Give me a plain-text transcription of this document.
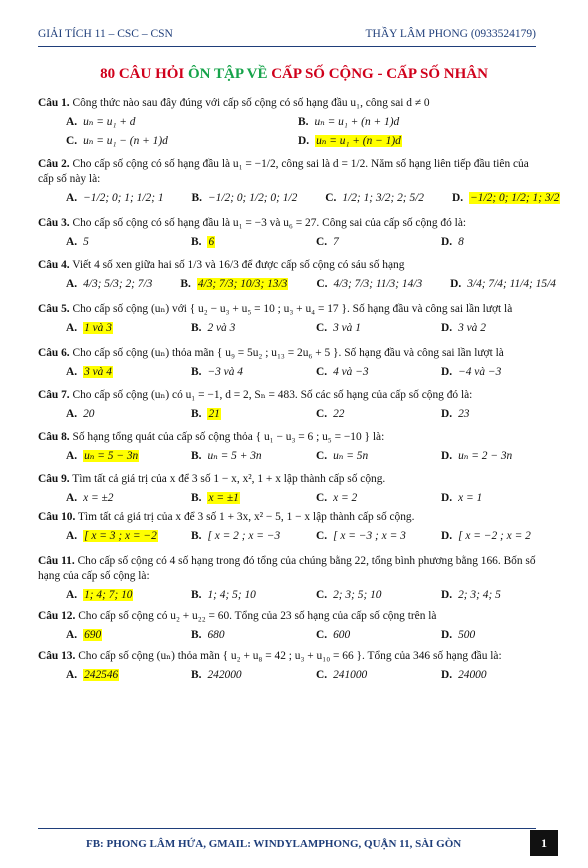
GIẢI TÍCH 11 – CSC – CSN	THẦY LÂM PHONG (0933524179)
80 CÂU HỎI ÔN TẬP VỀ CẤP SỐ CỘNG - CẤP SỐ NHÂN
Câu 1. Công thức nào sau đây đúng với cấp số cộng có số hạng đầu u₁, công sai d ≠ 0
A. uₙ = u₁ + d	B. uₙ = u₁ + (n + 1)d
C. uₙ = u₁ − (n + 1)d	D. uₙ = u₁ + (n − 1)d
Câu 2. Cho cấp số cộng có số hạng đầu là u₁ = −1/2, công sai là d = 1/2. Năm số hạng liên tiếp đầu tiên của cấp số này là:
A. −1/2; 0; 1; 1/2; 1	B. −1/2; 0; 1/2; 0; 1/2	C. 1/2; 1; 3/2; 2; 5/2	D. −1/2; 0; 1/2; 1; 3/2
Câu 3. Cho cấp số cộng có số hạng đầu là u₁ = −3 và u₆ = 27. Công sai của cấp số cộng đó là:
A. 5	B. 6	C. 7	D. 8
Câu 4. Viết 4 số xen giữa hai số 1/3 và 16/3 để được cấp số cộng có sáu số hạng
A. 4/3; 5/3; 2; 7/3	B. 4/3; 7/3; 10/3; 13/3	C. 4/3; 7/3; 11/3; 14/3	D. 3/4; 7/4; 11/4; 15/4
Câu 5. Cho cấp số cộng (uₙ) với { u₂ − u₃ + u₅ = 10 ; u₃ + u₄ = 17 }. Số hạng đầu và công sai lần lượt là
A. 1 và 3	B. 2 và 3	C. 3 và 1	D. 3 và 2
Câu 6. Cho cấp số cộng (uₙ) thỏa mãn { u₉ = 5u₂ ; u₁₃ = 2u₆ + 5 }. Số hạng đầu và công sai lần lượt là
A. 3 và 4	B. −3 và 4	C. 4 và −3	D. −4 và −3
Câu 7. Cho cấp số cộng (uₙ) có u₁ = −1, d = 2, Sₙ = 483. Số các số hạng của cấp số cộng đó là:
A. 20	B. 21	C. 22	D. 23
Câu 8. Số hạng tổng quát của cấp số cộng thỏa { u₁ − u₃ = 6 ; u₅ = −10 } là:
A. uₙ = 5 − 3n	B. uₙ = 5 + 3n	C. uₙ = 5n	D. uₙ = 2 − 3n
Câu 9. Tìm tất cả giá trị của x để 3 số 1 − x, x², 1 + x lập thành cấp số cộng.
A. x = ±2	B. x = ±1	C. x = 2	D. x = 1
Câu 10. Tìm tất cả giá trị của x để 3 số 1 + 3x, x² − 5, 1 − x lập thành cấp số cộng.
A. [ x = 3 ; x = −2	B. [ x = 2 ; x = −3	C. [ x = −3 ; x = 3	D. [ x = −2 ; x = 2
Câu 11. Cho cấp số cộng có 4 số hạng trong đó tổng của chúng bằng 22, tổng bình phương bằng 166. Bốn số hạng của cấp số cộng là:
A. 1; 4; 7; 10	B. 1; 4; 5; 10	C. 2; 3; 5; 10	D. 2; 3; 4; 5
Câu 12. Cho cấp số cộng có u₂ + u₂₂ = 60. Tổng của 23 số hạng của cấp số cộng trên là
A. 690	B. 680	C. 600	D. 500
Câu 13. Cho cấp số cộng (uₙ) thỏa mãn { u₂ + u₈ = 42 ; u₃ + u₁₀ = 66 }. Tổng của 346 số hạng đầu là:
A. 242546	B. 242000	C. 241000	D. 24000
FB: PHONG LÂM HỨA, GMAIL: WINDYLAMPHONG, QUẬN 11, SÀI GÒN	1
